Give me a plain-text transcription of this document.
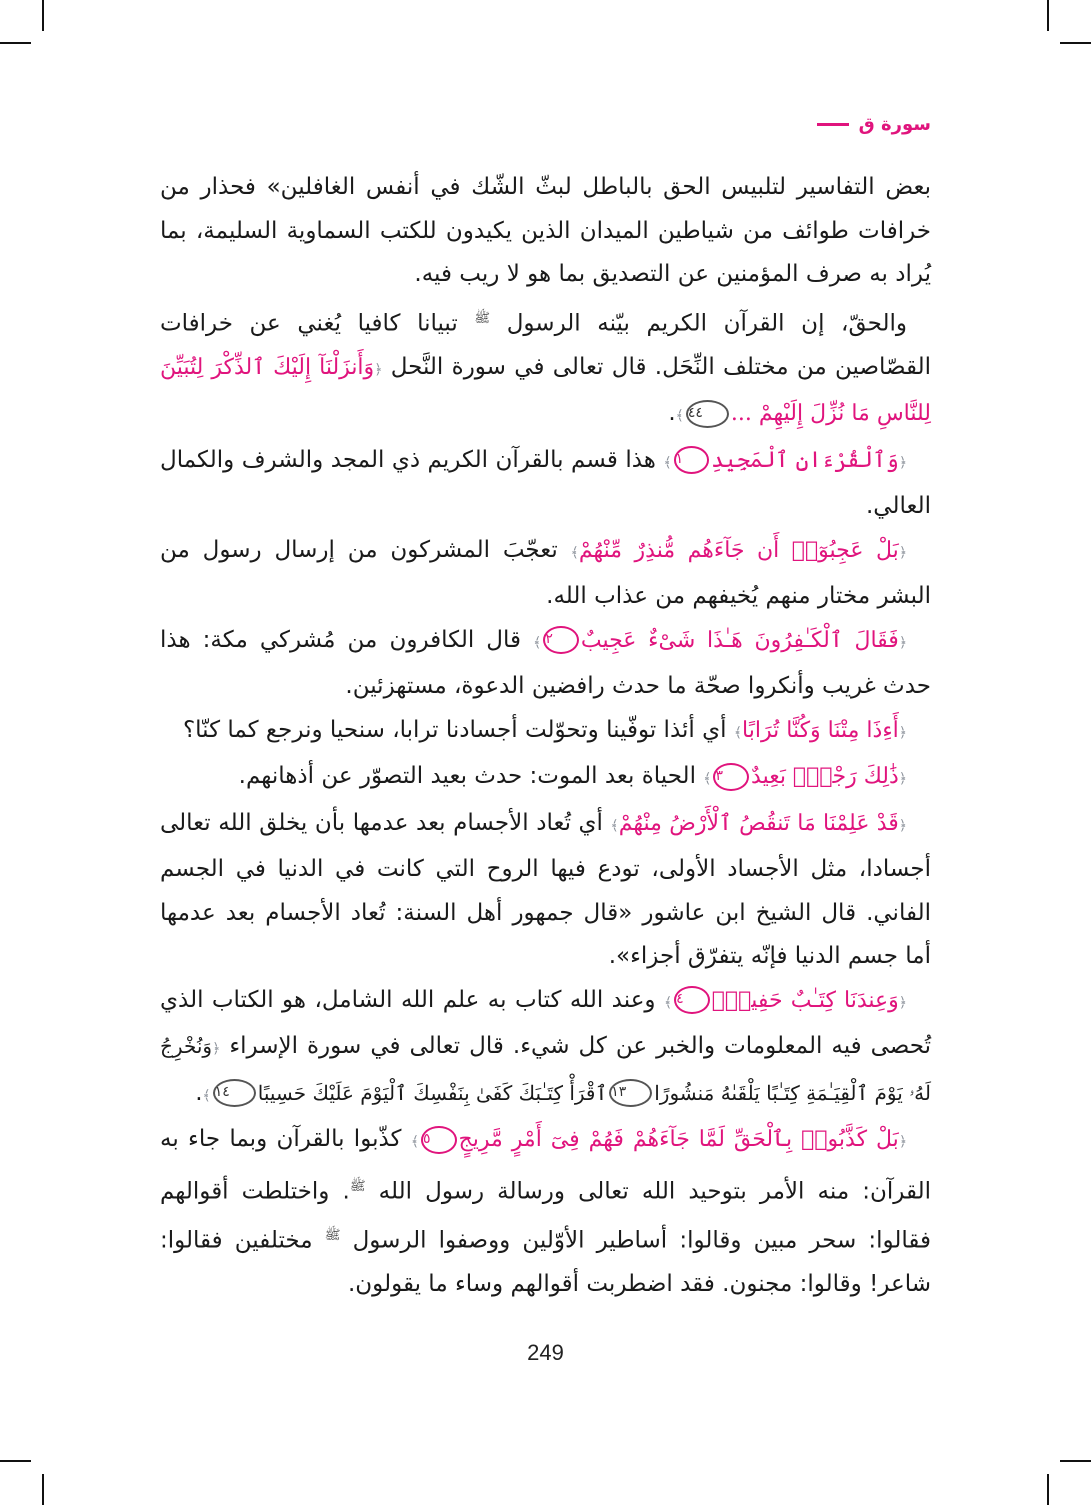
سورة ق

بعض التفاسير لتلبيس الحق بالباطل لبثّ الشّك في أنفس الغافلين» فحذار من خرافات طوائف من شياطين الميدان الذين يكيدون للكتب السماوية السليمة، بما يُراد به صرف المؤمنين عن التصديق بما هو لا ريب فيه.

والحقّ، إن القرآن الكريم بيّنه الرسول $^ﷺ$ تبيانا كافيا يُغني عن خرافات القصّاصين من مختلف النِّحَل. قال تعالى في سورة النَّحل ﴿وَأَنزَلْنَآ إِلَيْكَ ٱلذِّكْرَ لِتُبَيِّنَ لِلنَّاسِ مَا نُزِّلَ إِلَيْهِمْ ...٤٤﴾.

﴿وَٱلْقُرْءَانِ ٱلْمَجِيدِ١﴾ هذا قسم بالقرآن الكريم ذي المجد والشرف والكمال العالي.

﴿بَلْ عَجِبُوٓا۟ أَن جَآءَهُم مُّنذِرٌ مِّنْهُمْ﴾ تعجّبَ المشركون من إرسال رسول من البشر مختار منهم يُخيفهم من عذاب الله.

﴿فَقَالَ ٱلْكَـٰفِرُونَ هَـٰذَا شَىْءٌ عَجِيبٌ٢﴾ قال الكافرون من مُشركي مكة: هذا حدث غريب وأنكروا صحّة ما حدث رافضين الدعوة، مستهزئين.

﴿أَءِذَا مِتْنَا وَكُنَّا تُرَابًا﴾ أي أئذا توفّينا وتحوّلت أجسادنا ترابا، سنحيا ونرجع كما كنّا؟

﴿ذَٰلِكَ رَجْعٌۢ بَعِيدٌ٣﴾ الحياة بعد الموت: حدث بعيد التصوّر عن أذهانهم.

﴿قَدْ عَلِمْنَا مَا تَنقُصُ ٱلْأَرْضُ مِنْهُمْ﴾ أي تُعاد الأجسام بعد عدمها بأن يخلق الله تعالى أجسادا، مثل الأجساد الأولى، تودع فيها الروح التي كانت في الدنيا في الجسم الفاني. قال الشيخ ابن عاشور «قال جمهور أهل السنة: تُعاد الأجسام بعد عدمها أما جسم الدنيا فإنّه يتفرّق أجزاء».

﴿وَعِندَنَا كِتَـٰبٌ حَفِيظٌۢ٤﴾ وعند الله كتاب به علم الله الشامل، هو الكتاب الذي تُحصى فيه المعلومات والخبر عن كل شيء. قال تعالى في سورة الإسراء ﴿وَنُخْرِجُ لَهُۥ يَوْمَ ٱلْقِيَـٰمَةِ كِتَـٰبًا يَلْقَىٰهُ مَنشُورًا١٣ٱقْرَأْ كِتَـٰبَكَ كَفَىٰ بِنَفْسِكَ ٱلْيَوْمَ عَلَيْكَ حَسِيبًا١٤﴾.

﴿بَلْ كَذَّبُوا۟ بِٱلْحَقِّ لَمَّا جَآءَهُمْ فَهُمْ فِىٓ أَمْرٍ مَّرِيجٍ٥﴾ كذّبوا بالقرآن وبما جاء به القرآن: منه الأمر بتوحيد الله تعالى ورسالة رسول الله $^ﷺ$. واختلطت أقوالهم فقالوا: سحر مبين وقالوا: أساطير الأوّلين ووصفوا الرسول $^ﷺ$ مختلفين فقالوا: شاعر! وقالوا: مجنون. فقد اضطربت أقوالهم وساء ما يقولون.

249
